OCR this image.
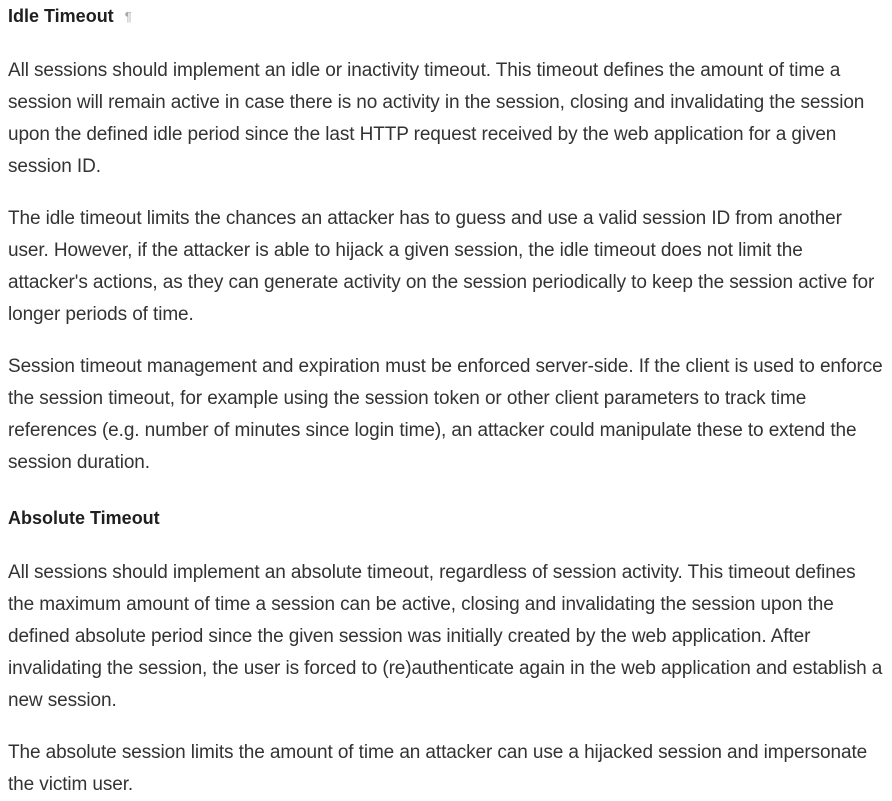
Idle Timeout ¶

All sessions should implement an idle or inactivity timeout. This timeout defines the amount of time a session will remain active in case there is no activity in the session, closing and invalidating the session upon the defined idle period since the last HTTP request received by the web application for a given session ID.

The idle timeout limits the chances an attacker has to guess and use a valid session ID from another user. However, if the attacker is able to hijack a given session, the idle timeout does not limit the attacker's actions, as they can generate activity on the session periodically to keep the session active for longer periods of time.

Session timeout management and expiration must be enforced server-side. If the client is used to enforce the session timeout, for example using the session token or other client parameters to track time references (e.g. number of minutes since login time), an attacker could manipulate these to extend the session duration.

Absolute Timeout

All sessions should implement an absolute timeout, regardless of session activity. This timeout defines the maximum amount of time a session can be active, closing and invalidating the session upon the defined absolute period since the given session was initially created by the web application. After invalidating the session, the user is forced to (re)authenticate again in the web application and establish a new session.

The absolute session limits the amount of time an attacker can use a hijacked session and impersonate the victim user.
